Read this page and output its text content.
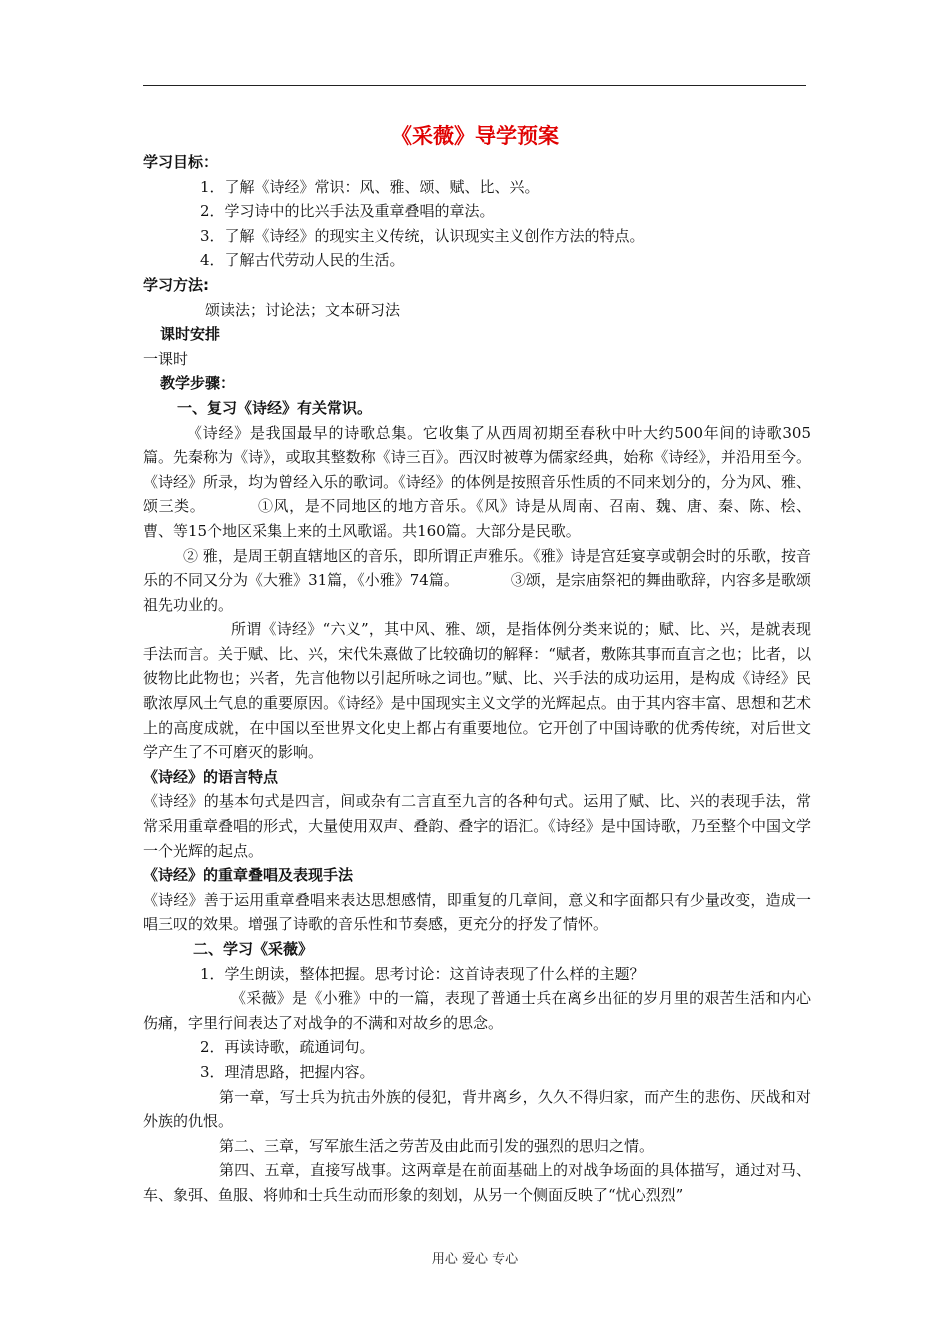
《采薇》导学预案

学习目标：

1．了解《诗经》常识：风、雅、颂、赋、比、兴。

2．学习诗中的比兴手法及重章叠唱的章法。

3．了解《诗经》的现实主义传统，认识现实主义创作方法的特点。

4．了解古代劳动人民的生活。

学习方法:

颂读法；讨论法；文本研习法

课时安排

一课时

教学步骤：

一、复习《诗经》有关常识。

《诗经》是我国最早的诗歌总集。它收集了从西周初期至春秋中叶大约500年间的诗歌305篇。先秦称为《诗》，或取其整数称《诗三百》。西汉时被尊为儒家经典，始称《诗经》，并沿用至今。《诗经》所录，均为曾经入乐的歌词。《诗经》的体例是按照音乐性质的不同来划分的，分为风、雅、颂三类。	①风，是不同地区的地方音乐。《风》诗是从周南、召南、魏、唐、秦、陈、桧、曹、等15个地区采集上来的土风歌谣。共160篇。大部分是民歌。

② 雅，是周王朝直辖地区的音乐，即所谓正声雅乐。《雅》诗是宫廷宴享或朝会时的乐歌，按音乐的不同又分为《大雅》31篇，《小雅》74篇。	③颂，是宗庙祭祀的舞曲歌辞，内容多是歌颂祖先功业的。

所谓《诗经》“六义”，其中风、雅、颂，是指体例分类来说的；赋、比、兴，是就表现手法而言。关于赋、比、兴，宋代朱熹做了比较确切的解释：“赋者，敷陈其事而直言之也；比者，以彼物比此物也；兴者，先言他物以引起所咏之词也。”赋、比、兴手法的成功运用，是构成《诗经》民歌浓厚风土气息的重要原因。《诗经》是中国现实主义文学的光辉起点。由于其内容丰富、思想和艺术上的高度成就，在中国以至世界文化史上都占有重要地位。它开创了中国诗歌的优秀传统，对后世文学产生了不可磨灭的影响。

《诗经》的语言特点

《诗经》的基本句式是四言，间或杂有二言直至九言的各种句式。运用了赋、比、兴的表现手法，常常采用重章叠唱的形式，大量使用双声、叠韵、叠字的语汇。《诗经》是中国诗歌，乃至整个中国文学一个光辉的起点。

《诗经》的重章叠唱及表现手法

《诗经》善于运用重章叠唱来表达思想感情，即重复的几章间，意义和字面都只有少量改变，造成一唱三叹的效果。增强了诗歌的音乐性和节奏感，更充分的抒发了情怀。

二、学习《采薇》

1．学生朗读，整体把握。思考讨论：这首诗表现了什么样的主题？

《采薇》是《小雅》中的一篇，表现了普通士兵在离乡出征的岁月里的艰苦生活和内心伤痛，字里行间表达了对战争的不满和对故乡的思念。

2．再读诗歌，疏通词句。

3．理清思路，把握内容。

第一章，写士兵为抗击外族的侵犯，背井离乡，久久不得归家，而产生的悲伤、厌战和对外族的仇恨。

第二、三章，写军旅生活之劳苦及由此而引发的强烈的思归之情。

第四、五章，直接写战事。这两章是在前面基础上的对战争场面的具体描写，通过对马、车、象弭、鱼服、将帅和士兵生动而形象的刻划，从另一个侧面反映了“忧心烈烈”

用心 爱心 专心
